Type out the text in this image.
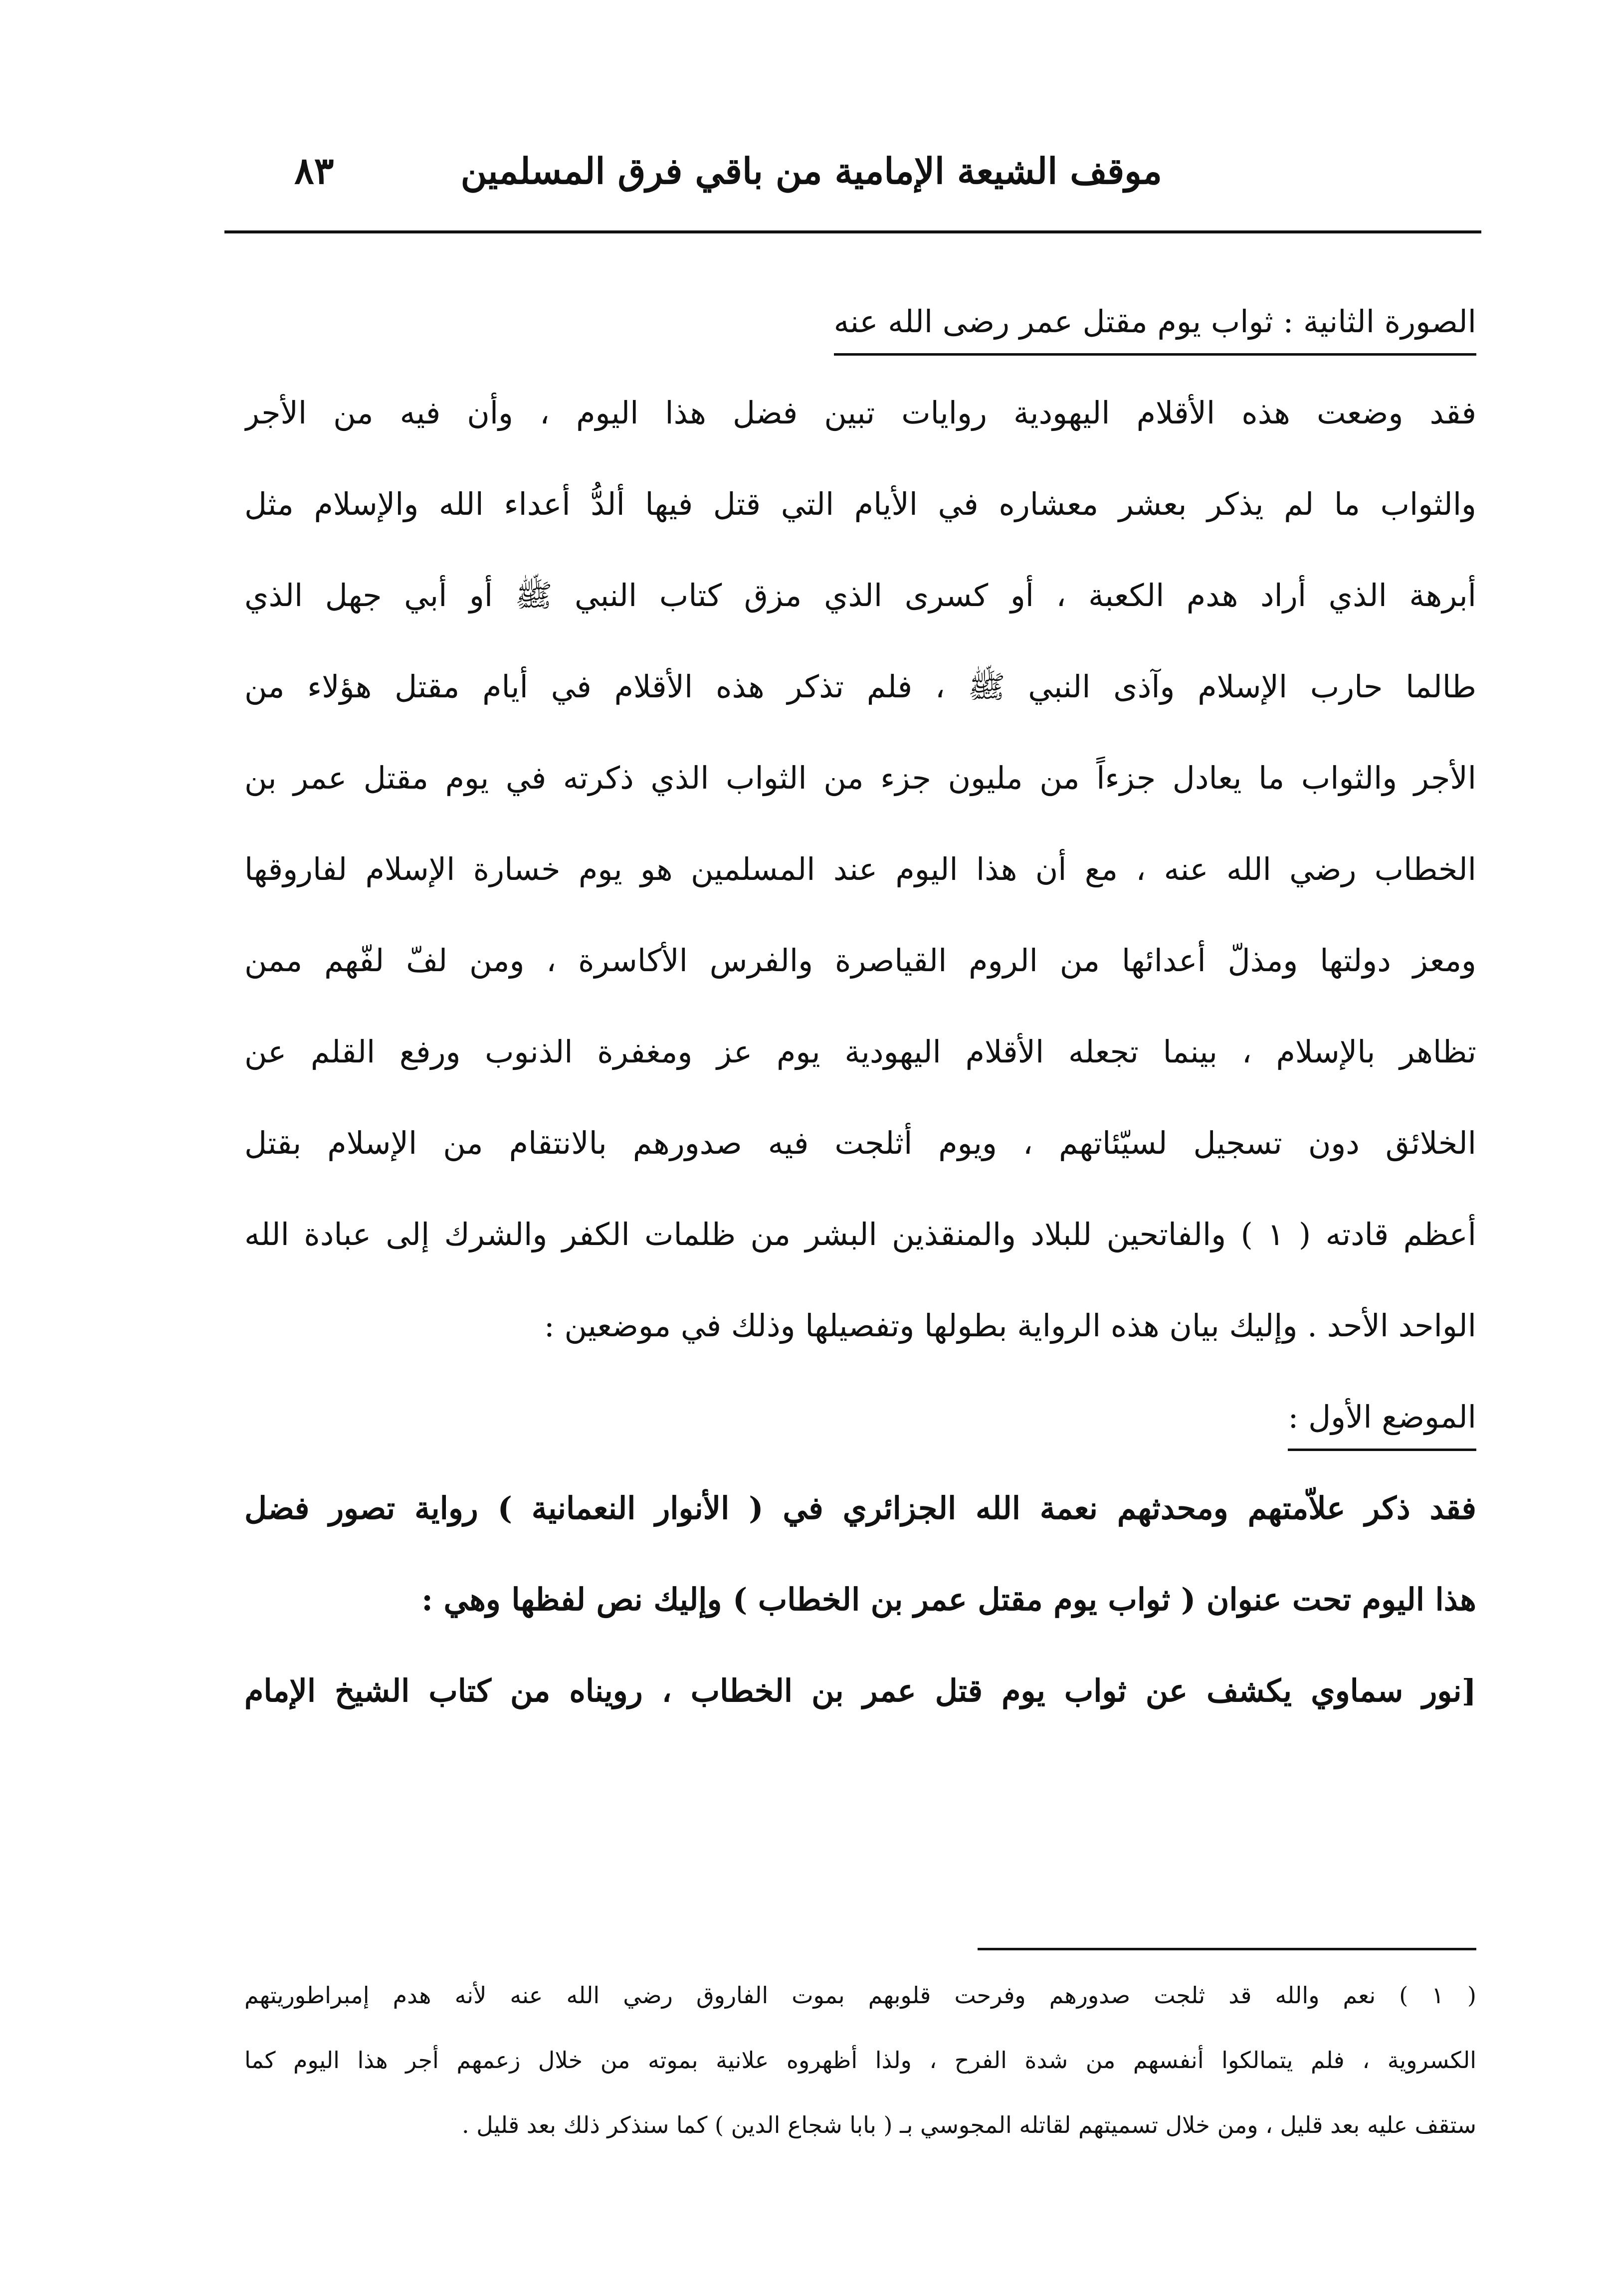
موقف الشيعة الإمامية من باقي فرق المسلمين
٨٣
الصورة الثانية : ثواب يوم مقتل عمر رضى الله عنه
فقد وضعت هذه الأقلام اليهودية روايات تبين فضل هذا اليوم ، وأن فيه من الأجر
والثواب ما لم يذكر بعشر معشاره في الأيام التي قتل فيها ألدُّ أعداء الله والإسلام مثل
أبرهة الذي أراد هدم الكعبة ، أو كسرى الذي مزق كتاب النبي ﷺ أو أبي جهل الذي
طالما حارب الإسلام وآذى النبي ﷺ ، فلم تذكر هذه الأقلام في أيام مقتل هؤلاء من
الأجر والثواب ما يعادل جزءاً من مليون جزء من الثواب الذي ذكرته في يوم مقتل عمر بن
الخطاب رضي الله عنه ، مع أن هذا اليوم عند المسلمين هو يوم خسارة الإسلام لفاروقها
ومعز دولتها ومذلّ أعدائها من الروم القياصرة والفرس الأكاسرة ، ومن لفّ لفّهم ممن
تظاهر بالإسلام ، بينما تجعله الأقلام اليهودية يوم عز ومغفرة الذنوب ورفع القلم عن
الخلائق دون تسجيل لسيّئاتهم ، ويوم أثلجت فيه صدورهم بالانتقام من الإسلام بقتل
أعظم قادته ( ١ ) والفاتحين للبلاد والمنقذين البشر من ظلمات الكفر والشرك إلى عبادة الله
الواحد الأحد . وإليك بيان هذه الرواية بطولها وتفصيلها وذلك في موضعين :
الموضع الأول :
فقد ذكر علاّمتهم ومحدثهم نعمة الله الجزائري في ( الأنوار النعمانية ) رواية تصور فضل
هذا اليوم تحت عنوان ( ثواب يوم مقتل عمر بن الخطاب ) وإليك نص لفظها وهي :
[نور سماوي يكشف عن ثواب يوم قتل عمر بن الخطاب ، رويناه من كتاب الشيخ الإمام
( ١ ) نعم والله قد ثلجت صدورهم وفرحت قلوبهم بموت الفاروق رضي الله عنه لأنه هدم إمبراطوريتهم
الكسروية ، فلم يتمالكوا أنفسهم من شدة الفرح ، ولذا أظهروه علانية بموته من خلال زعمهم أجر هذا اليوم كما
ستقف عليه بعد قليل ، ومن خلال تسميتهم لقاتله المجوسي بـ ( بابا شجاع الدين ) كما سنذكر ذلك بعد قليل .
